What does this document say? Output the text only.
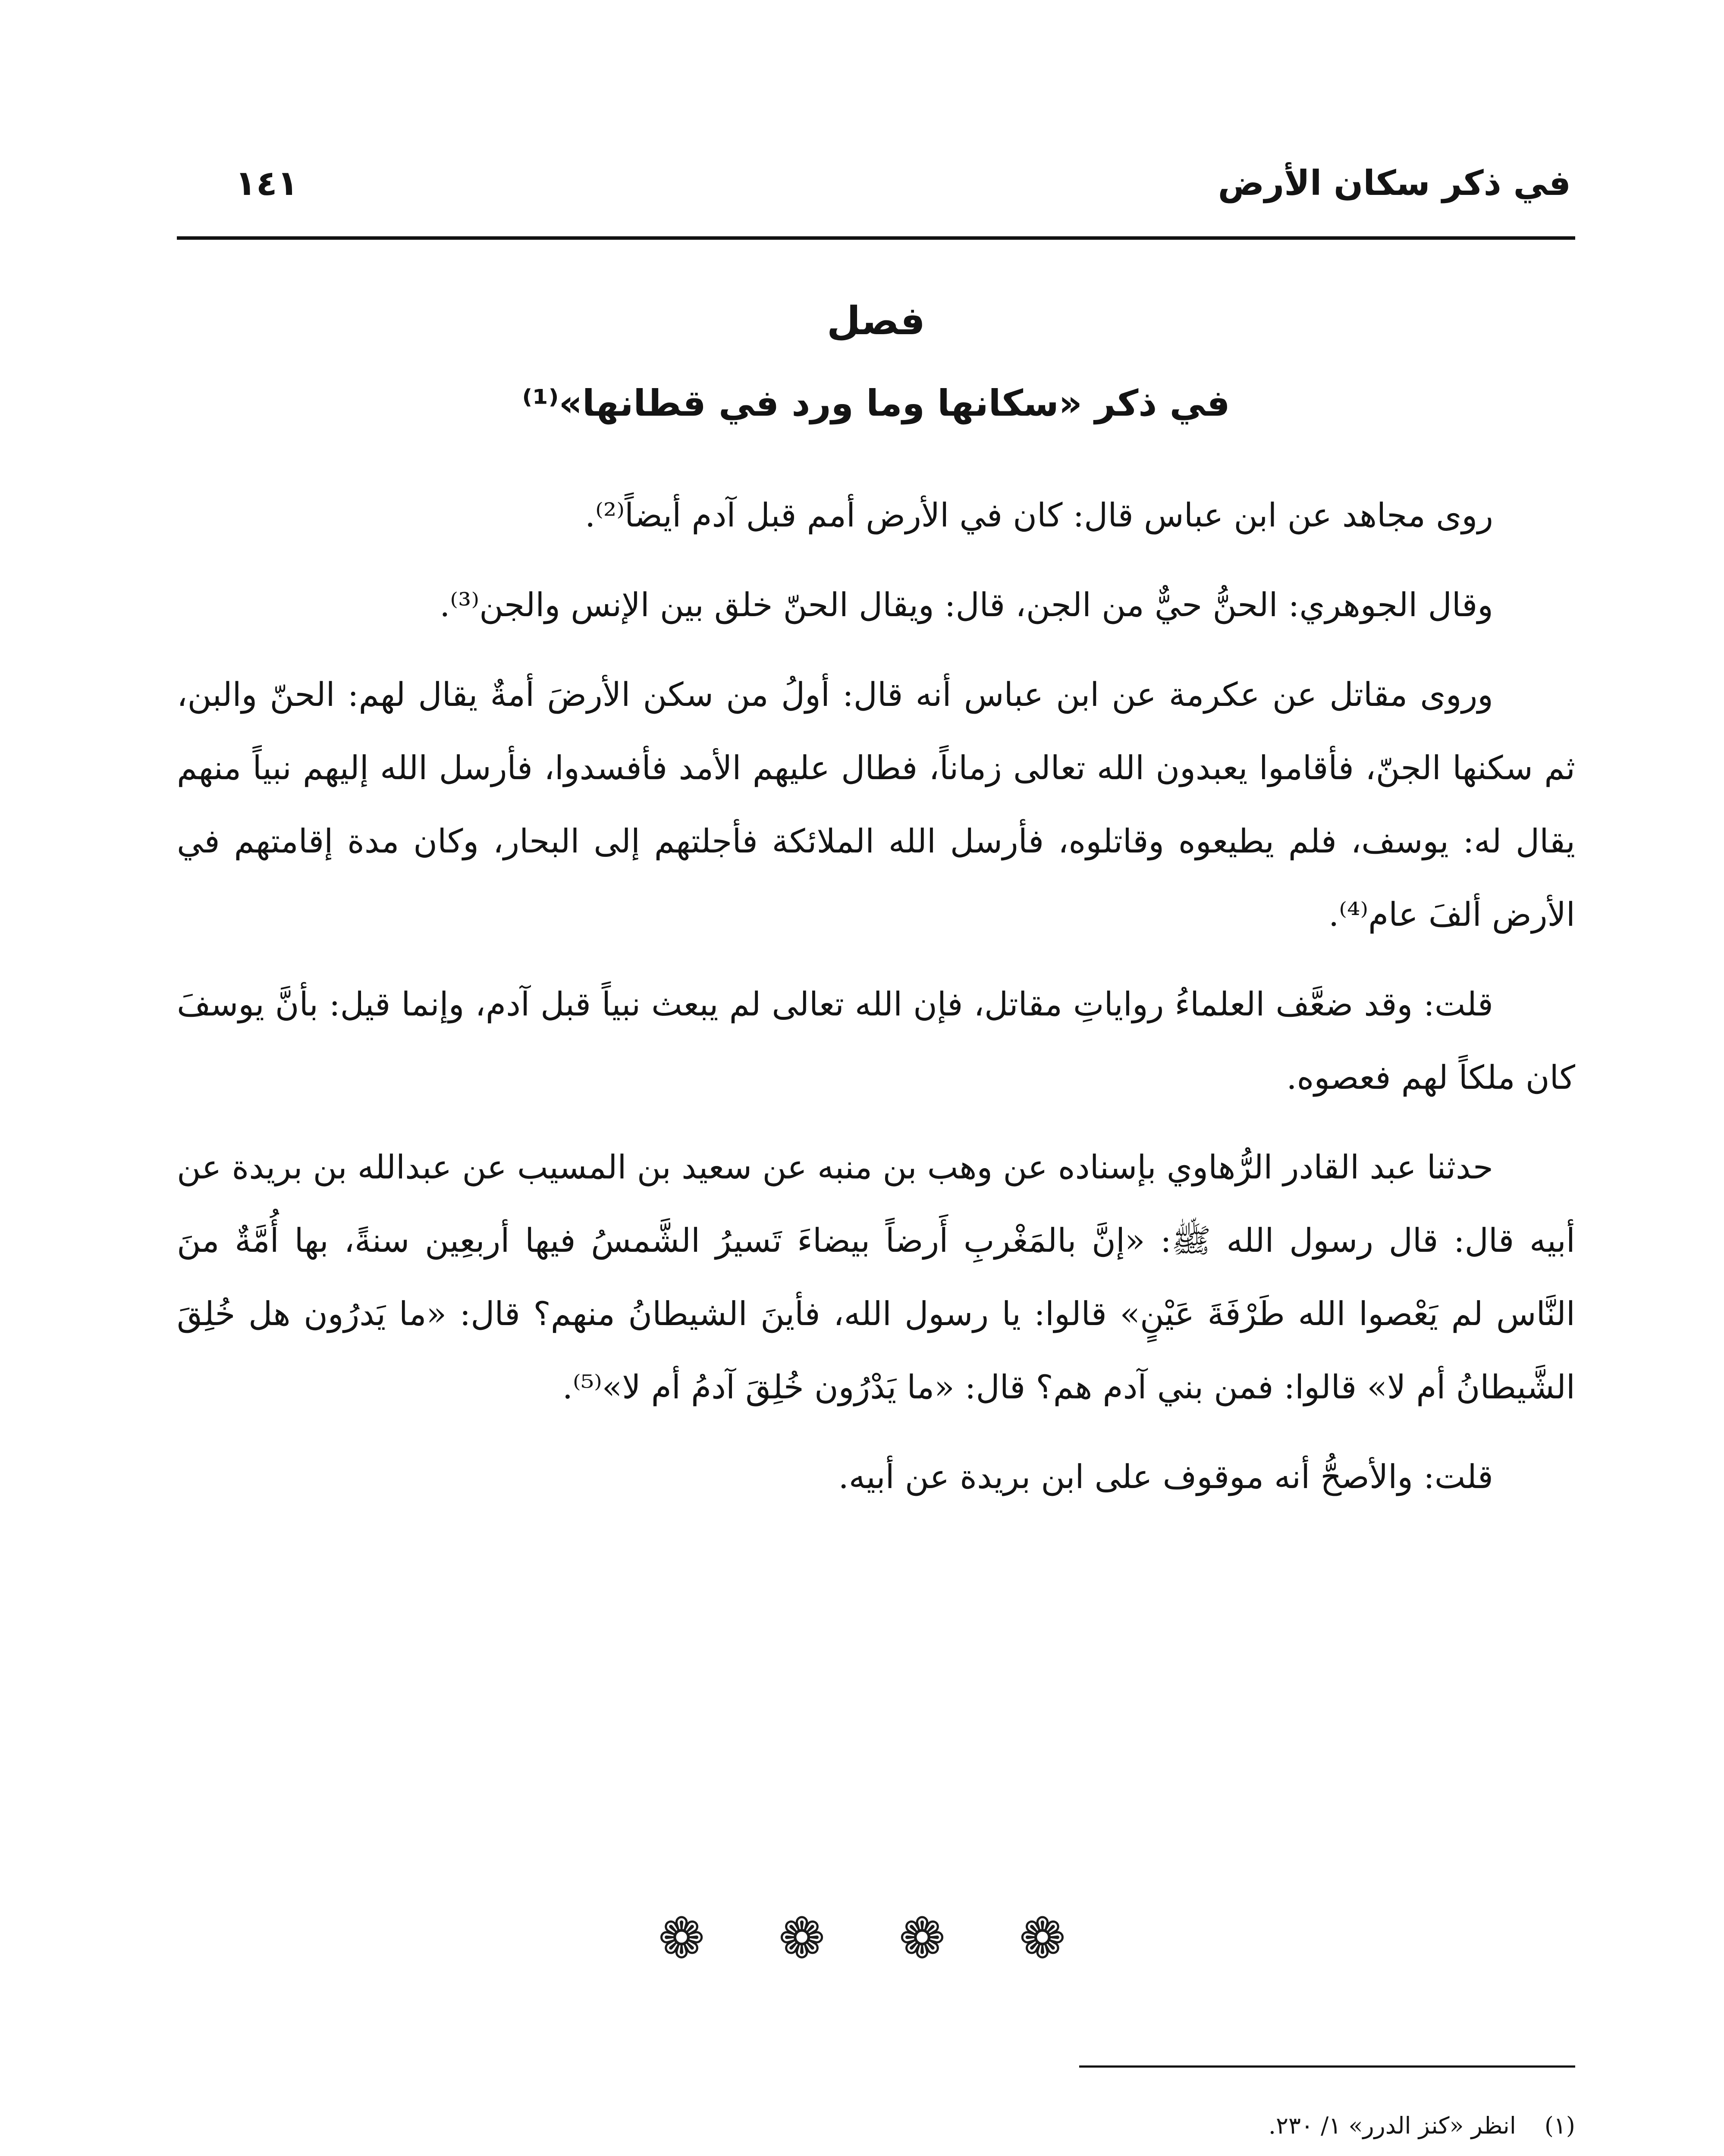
في ذكر سكان الأرض
١٤١
فصل
في ذكر «سكانها وما ورد في قطانها»⁽¹⁾

روى مجاهد عن ابن عباس قال: كان في الأرض أمم قبل آدم أيضاً⁽²⁾.

وقال الجوهري: الحنُّ حيٌّ من الجن، قال: ويقال الحنّ خلق بين الإنس والجن⁽³⁾.

وروى مقاتل عن عكرمة عن ابن عباس أنه قال: أولُ من سكن الأرضَ أمةٌ يقال لهم: الحنّ والبن، ثم سكنها الجنّ، فأقاموا يعبدون الله تعالى زماناً، فطال عليهم الأمد فأفسدوا، فأرسل الله إليهم نبياً منهم يقال له: يوسف، فلم يطيعوه وقاتلوه، فأرسل الله الملائكة فأجلتهم إلى البحار، وكان مدة إقامتهم في الأرض ألفَ عام⁽⁴⁾.

قلت: وقد ضعَّف العلماءُ رواياتِ مقاتل، فإن الله تعالى لم يبعث نبياً قبل آدم، وإنما قيل: بأنَّ يوسفَ كان ملكاً لهم فعصوه.

حدثنا عبد القادر الرُّهاوي بإسناده عن وهب بن منبه عن سعيد بن المسيب عن عبدالله بن بريدة عن أبيه قال: قال رسول الله ﷺ: «إنَّ بالمَغْربِ أَرضاً بيضاءَ تَسيرُ الشَّمسُ فيها أربعِين سنةً، بها أُمَّةٌ منَ النَّاس لم يَعْصوا الله طَرْفَةَ عَيْنٍ» قالوا: يا رسول الله، فأينَ الشيطانُ منهم؟ قال: «ما يَدرُون هل خُلِقَ الشَّيطانُ أم لا» قالوا: فمن بني آدم هم؟ قال: «ما يَدْرُون خُلِقَ آدمُ أم لا»⁽⁵⁾.

قلت: والأصحُّ أنه موقوف على ابن بريدة عن أبيه.

❁
❁
❁
❁
(١) انظر «كنز الدرر» ١/ ٢٣٠.
